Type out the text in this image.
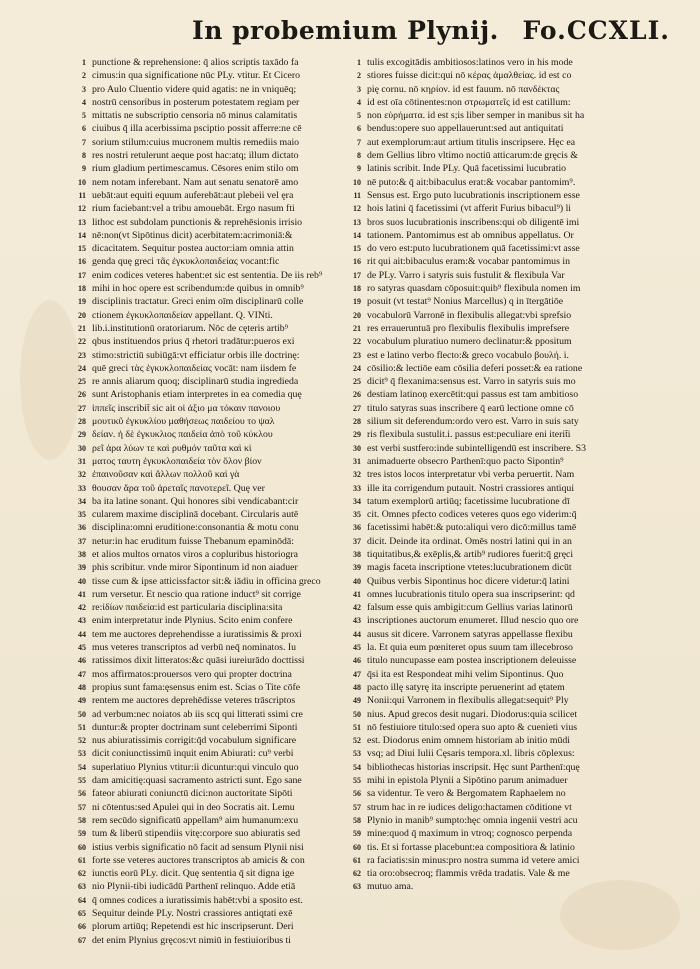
In probemium Plynij. Fo.CCXLI.
1 punctione & reprehensione: q̄ alios scriptis taxādo fa
2 cimus:in qua significatione nūc PLy. vtitur. Et Cicero
3 pro Aulo Cluentio videre quid agatis: ne in vniquēq;
4 nostrū censoribus in posterum potestatem regiam per
5 mittatis ne subscriptio censoria nō minus calamitatis
6 ciuibus q̄ illa acerbissima psciptio possit afferre:ne cē
7 sorium stilum:cuius mucronem multis remediis maio
8 res nostri retulerunt aeque post hac:atq; illum dictato
9 rium gladium pertimescamus. Cēsores enim stilo om
10 nem notam inferebant. Nam aut senatu senatorē amo
11 uebāt:aut equiti equum auferebāt:aut plebeii vel ęra
12 rium faciebant:vel a tribu amouebāt. Ergo nasum fti
13 lithoc est subdolam punctionis & reprehēsionis irrisio
14 nē:non(vt Sipōtinus dicit) acerbitatem:acrimoniā:&
15 dicacitatem. Sequitur postea auctor:iam omnia attin
16 genda quę greci τᾶς ἐγκυκλοπαιδείας vocant:fic
17 enim codices veteres habent:et sic est sententia. De iis reb⁹
18 mihi in hoc opere est scribendum:de quibus in omnib⁹
19 disciplinis tractatur. Greci enim oīm disciplinarū colle
20 ctionem ἐγκυκλοπαιδείαν appellant. Q. VINti.
21 lib.i.institutionū oratoriarum. Nōc de cęteris artib⁹
22 qbus instituendos prius q̄ rhetori tradātur:pueros exi
23 stimo:strictiū subiūgā:vt efficiatur orbis ille doctrinę:
24 quē greci τὰς ἐγκυκλοπαιδείας vocāt: nam iisdem fe
25 re annis aliarum quoq; disciplinarū studia ingredieda
26 sunt Aristophanis etiam interpretes in ea comedia quę
27 ἱππεῖς inscribit̄ sic ait οἱ ἀξιο μα τόκαιν πανοιου
28 μουτικῦ ἐγκυκλίου μαθήσεως παιδείου το ψαλ
29 δείαν. ἡ δὲ ἐγκυκλιος παιδεία ἀπὸ τοῦ κύκλου
30 ρεῖ ἀρα λύων τε καὶ ρυθμόν ταῦτα καὶ κὶ
31 ματος ταυτη ἐγκυκλοπαιδεία τὸν ὅλον βίον
32 ἐπαινοῦσαν καὶ ἄλλων πολλοῦ καὶ γὰ
33 θουσαν ἄρα τοῦ ἀρεταῖς πανοτερεῖ. Quę ver
34 ba ita latine sonant. Qui honores sibi vendicabant:cir
35 cularem maxime disciplinā docebant. Circularis autē
36 disciplina:omni eruditione:consonantia & motu conu
37 netur:in hac eruditum fuisse Thebanum epaminōdā:
38 et alios multos ornatos viros a copluribus historiogra
39 phis scribitur. vnde miror Sipontinum id non aiaduer
40 tisse cum & ipse atticissfactor sit:& iādiu in officina greco
41 rum versetur. Et nescio qua ratione induct⁹ sit corrige
42 re:ἰδίων παιδεία:id est particularia disciplina:sita
43 enim interpretatur inde Plynius. Scito enim confere
44 tem me auctores deprehendisse a iuratissimis & proxi
45 mus veteres transcriptos ad verbū neq̄ nominatos. Iu
46 ratissimos dixit litteratos:&c quāsi iureiurādo docttissi
47 mos affirmatos:prouersos vero qui propter doctrina
48 propius sunt fama:ęsensus enim est. Scias o Tite cōfe
49 rentem me auctores deprehēdisse veteres trāscriptos
50 ad verbum:nec noiatos ab iis scq qui litterati ssimi cre
51 duntur:& propter doctrinam sunt celeberrimi Siponti
52 nus abiuratissimis corrigit:q̄d vocabulum significare
53 dicit coniunctissimū inquit enim Abiurati: cu⁹ verbi
54 superlatiuo Plynius vtitur:ii dicuntur:qui vinculo quo
55 dam amicitię:quasi sacramento astricti sunt. Ego sane
56 fateor abiurati coniunctū dici:non auctoritate Sipōti
57 ni cōtentus:sed Apulei qui in deo Socratis ait. Lemu
58 rem secūdo significatū appellam⁹ aim humanum:exu
59 tum & liberū stipendiis vitę:corpore suo abiuratis sed
60 istius verbis significatio nō facit ad sensum Plynii nisi
61 forte sse veteres auctores transcriptos ab amicis & con
62 iunctis eorū PLy. dicit. Quę sententia q̄ sit digna ige
63 nio Plynii-tibi iudicādū Parthenī relinquo. Adde etiā
64 q̄ omnes codices a iuratissimis habēt:vbi a sposito est.
65 Sequitur deinde PLy. Nostri crassiores antiqtati exē
66 plorum artiūq; Repetendi est hic inscripserunt. Deri
67 det enim Plynius gręcos:vt nimiū in festiuioribus ti
1 tulis excogitādis ambitiosos:latinos vero in his mode
2 stiores fuisse dicit:qui nō κέρας ἀμαλθείας. id est co
3 pię cornu. nō κηρίον. id est fauum. nō πανδέκτας
4 id est oīa cōtinentes:non στρωματεῖς id est catillum:
5 non εὑρήματα. id est s;is liber semper in manibus sit ha
6 bendus:opere suo appellauerunt:sed aut antiquitati
7 aut exemplorum:aut artium titulis inscripsere. Hęc ea
8 dem Gellius libro vltimo noctiū atticarum:de gręcis &
9 latinis scribit. Inde PLy. Quā facetissimi lucubratio
10 nē puto:& q̄ ait:bibaculus erat:& vocabar pantomim⁹.
11 Sensus est. Ergo puto lucubrationis inscriptionem esse
12 hois latini q̄ facetissimi (vt afferit Furius bibacul⁹) li
13 bros suos lucubrationis inscribens:qui ob diligentē imi
14 tationem. Pantomimus est ab omnibus appellatus. Or
15 do vero est:puto lucubrationem quā facetissimi:vt asse
16 rit qui ait:bibaculus eram:& vocabar pantomimus in
17 de PLy. Varro i satyris suis fustulit & flexibula Var
18 ro satyras quasdam cōposuit:quib⁹ flexibula nomen im
19 posuit (vt testat⁹ Nonius Marcellus) q in ītergātiōe
20 vocabulorū Varronē in flexibulis allegat:vbi sprefsio
21 res erraueruntuā pro flexibulis flexibulis imprefsere
22 vocabulum pluratiuo numero declinatur:& ppositum
23 est e latino verbo flecto:& greco vocabulo βουλή. i.
24 cōsilio:& lectiōe eam cōsilia deferi posset:& ea ratione
25 dicit⁹ q̄ flexanima:sensus est. Varro in satyris suis mo
26 destiam latinoņ exercētit:qui passus est tam ambitioso
27 titulo satyras suas inscribere q̄ earū lectione omne cō
28 silium sit deferendum:ordo vero est. Varro in suis saty
29 ris flexibula sustulit.i. passus est:peculiare eni iterit̄i
30 est verbi sustfero:inde subintelligendū est inscribere. S3
31 animaduerte obsecro Parthenī:quo pacto Sipontin⁹
32 tres istos locos interpretatur vbi verba peruertit. Nam
33 ille ita corrigendum putauit. Nostri crassiores antiqui
34 tatum exemplorū artiūq; facetissime lucubratione dī
35 cit. Omnes pfecto codices veteres quos ego viderim:q̄
36 facetissimi habēt:& puto:aliqui vero dicō:millus tamē
37 dicit. Deinde ita ordinat. Omēs nostri latini qui in an
38 tiquitatibus,& exēplis,& artib⁹ rudiores fuerit:q̄ gręci
39 magis faceta inscriptione vtetes:lucubrationem dicūt
40 Quibus verbis Sipontinus hoc dicere videtur:q̄ latini
41 omnes lucubrationis titulo opera sua inscripserint: qd
42 falsum esse quis ambigit:cum Gellius varias latinorū
43 inscriptiones auctorum enumeret. Illud nescio quo ore
44 ausus sit dicere. Varronem satyras appellasse flexibu
45 la. Et quia eum pœniteret opus suum tam illecebroso
46 titulo nuncupasse eam postea inscriptionem deleuisse
47 q̄si ita est Respondeat mihi velim Sipontinus. Quo
48 pacto illę satyrę ita inscripte peruenerint ad ętatem
49 Nonii:qui Varronem in flexibulis allegat:sequit⁹ Ply
50 nius. Apud grecos desit nugari. Diodorus:quia scilicet
51 nō festiuiore titulo:sed opera suo apto & cuenieti vius
52 est. Diodorus enim omnem historiam ab initio mūdi
53 vsq; ad Diui Iulii Cęsaris tempora.xl. libris cōplexus:
54 bibliothecas historias inscripsit. Hęc sunt Parthenī:quę
55 mihi in epistola Plynii a Sipōtino parum animaduer
56 sa videntur. Te vero & Bergomatem Raphaelem no
57 strum hac in re iudices deligo:hactamen cōditione vt
58 Plynio in manib⁹ sumpto:hęc omnia ingenii vestri acu
59 mine:quod q̄ maximum in vtroq; cognosco perpenda
60 tis. Et si fortasse placebunt:ea compositiora & latinio
61 ra faciatis:sin minus:pro nostra summa id vetere amici
62 tia oro:obsecroq; flammis vrēda tradatis. Vale & me
63 mutuo ama.
